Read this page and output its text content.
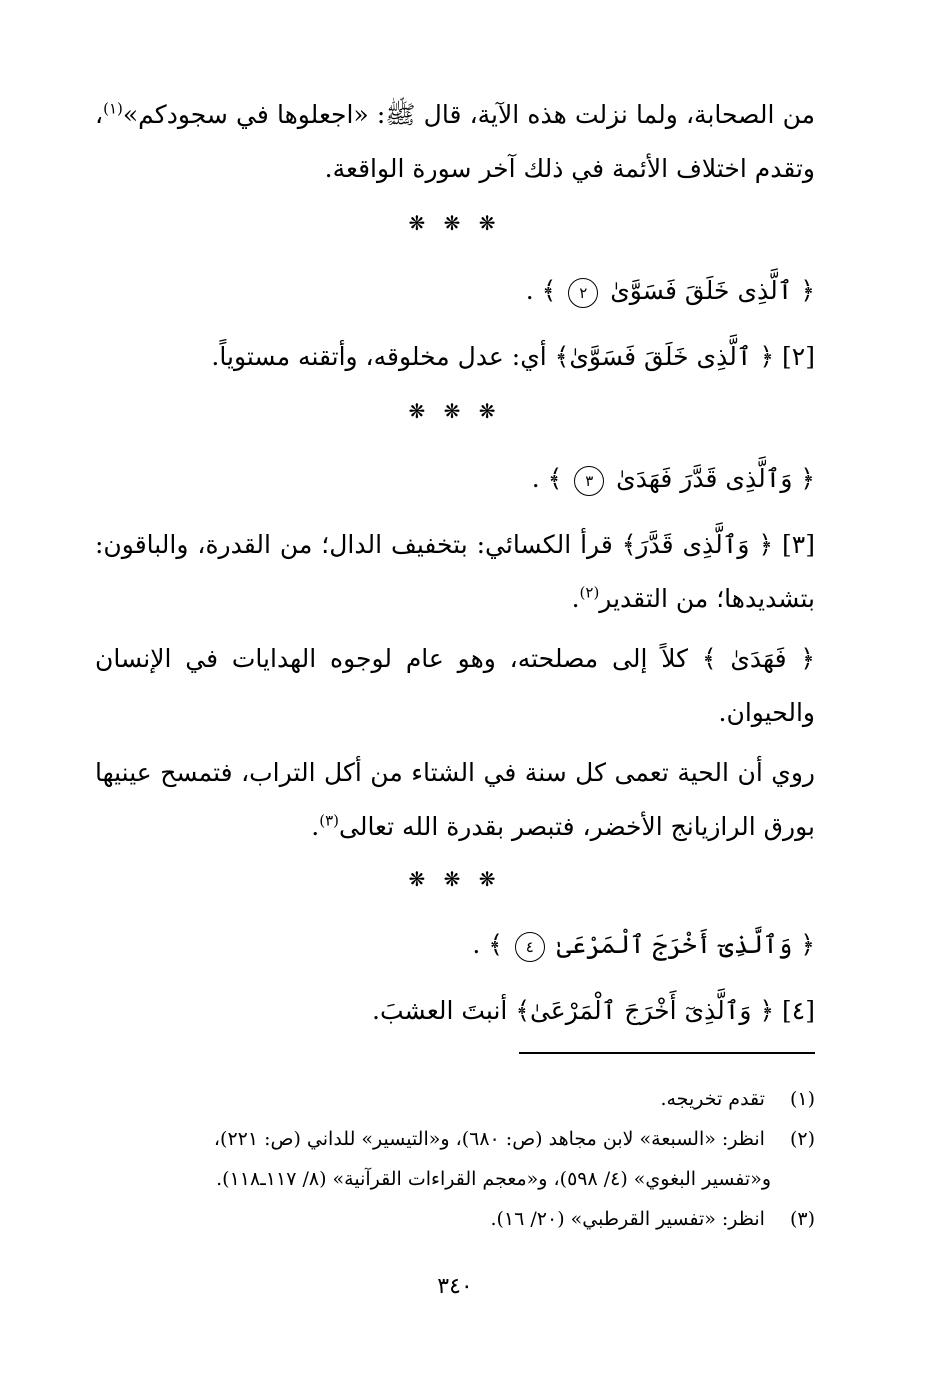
من الصحابة، ولما نزلت هذه الآية، قال ﷺ: «اجعلوها في سجودكم»$^{(١)}$،
وتقدم اختلاف الأئمة في ذلك آخر سورة الواقعة.
❋ ❋ ❋
﴿ ٱلَّذِى خَلَقَ فَسَوَّىٰ ٢ ﴾ .
[٢] ﴿ ٱلَّذِى خَلَقَ فَسَوَّىٰ﴾ أي: عدل مخلوقه، وأتقنه مستوياً.
❋ ❋ ❋
﴿ وَٱلَّذِى قَدَّرَ فَهَدَىٰ ٣ ﴾ .
[٣] ﴿ وَٱلَّذِى قَدَّرَ﴾ قرأ الكسائي: بتخفيف الدال؛ من القدرة، والباقون:
بتشديدها؛ من التقدير$^{(٢)}$.
﴿ فَهَدَىٰ ﴾ كلاً إلى مصلحته، وهو عام لوجوه الهدايات في الإنسان
والحيوان.
روي أن الحية تعمى كل سنة في الشتاء من أكل التراب، فتمسح عينيها
بورق الرازيانج الأخضر، فتبصر بقدرة الله تعالى$^{(٣)}$.
❋ ❋ ❋
﴿ وَٱلَّذِىٓ أَخْرَجَ ٱلْمَرْعَىٰ ٤ ﴾ .
[٤] ﴿ وَٱلَّذِىٓ أَخْرَجَ ٱلْمَرْعَىٰ﴾ أنبتَ العشبَ.
(١) تقدم تخريجه.
(٢) انظر: «السبعة» لابن مجاهد (ص: ٦٨٠)، و«التيسير» للداني (ص: ٢٢١)،
و«تفسير البغوي» (٤/ ٥٩٨)، و«معجم القراءات القرآنية» (٨/ ١١٧ـ١١٨).
(٣) انظر: «تفسير القرطبي» (٢٠/ ١٦).
٣٤٠
